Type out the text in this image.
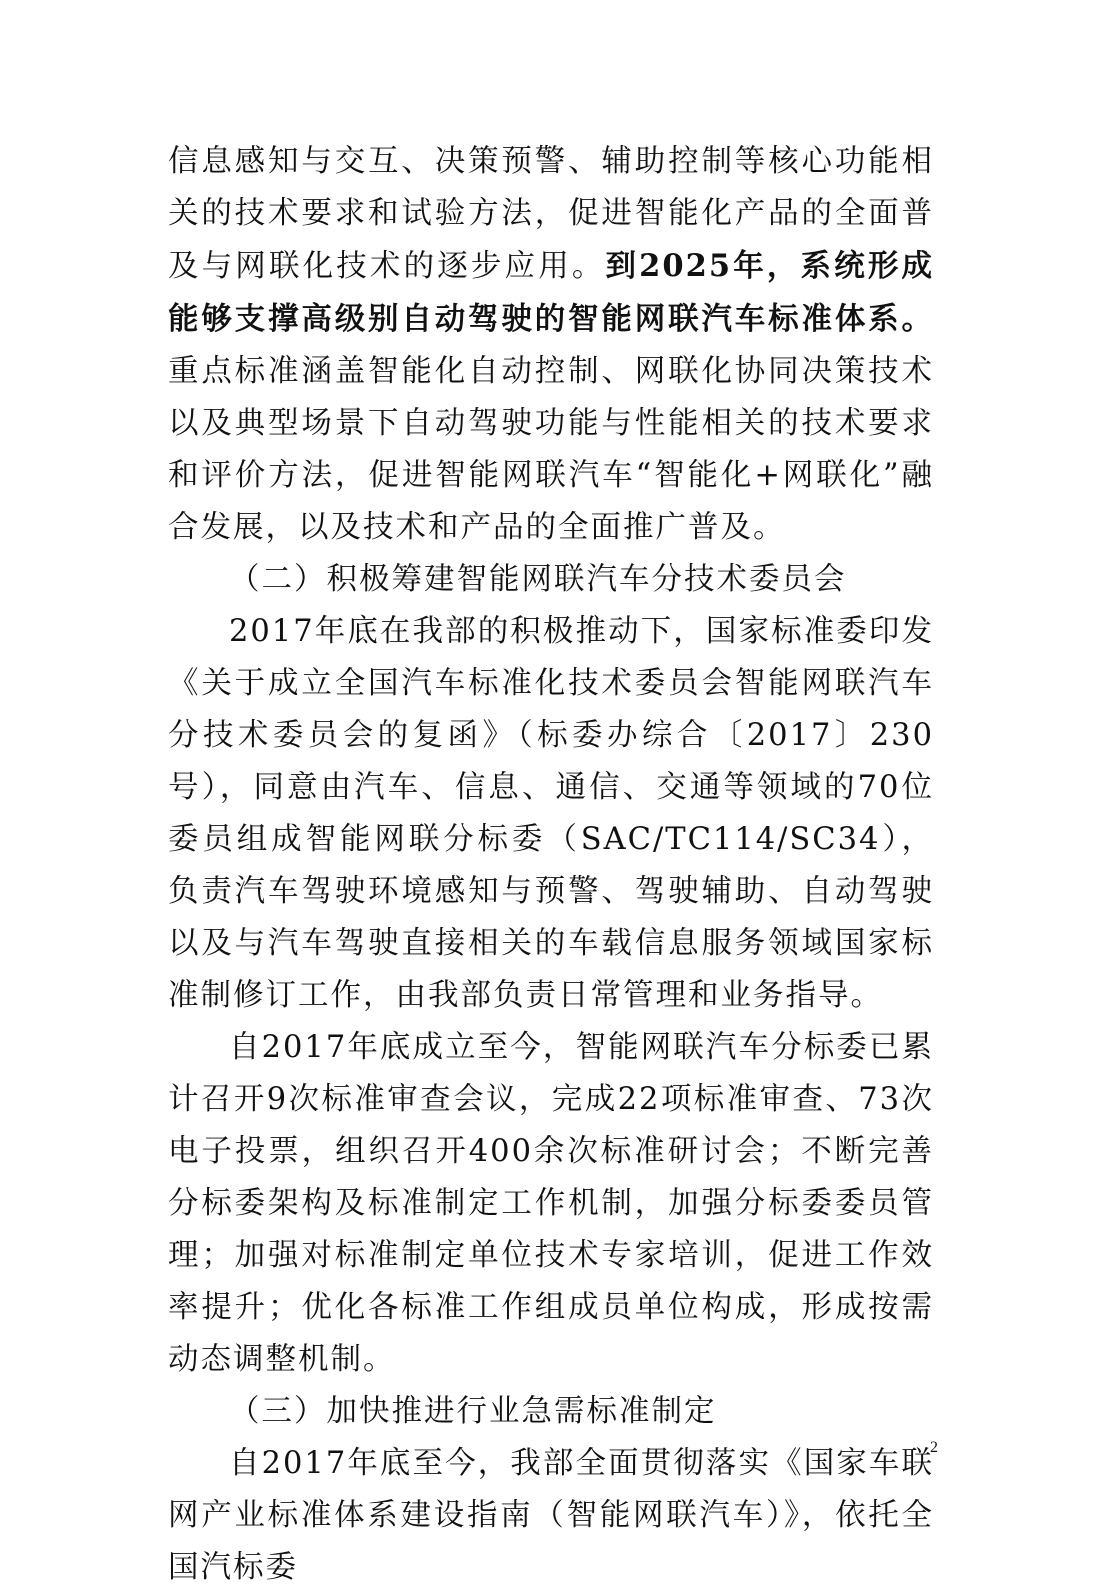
信息感知与交互、决策预警、辅助控制等核心功能相关的技术要求和试验方法，促进智能化产品的全面普及与网联化技术的逐步应用。到2025年，系统形成能够支撑高级别自动驾驶的智能网联汽车标准体系。重点标准涵盖智能化自动控制、网联化协同决策技术以及典型场景下自动驾驶功能与性能相关的技术要求和评价方法，促进智能网联汽车“智能化+网联化”融合发展，以及技术和产品的全面推广普及。

（二）积极筹建智能网联汽车分技术委员会

2017年底在我部的积极推动下，国家标准委印发《关于成立全国汽车标准化技术委员会智能网联汽车分技术委员会的复函》（标委办综合〔2017〕230号），同意由汽车、信息、通信、交通等领域的70位委员组成智能网联分标委（SAC/TC114/SC34），负责汽车驾驶环境感知与预警、驾驶辅助、自动驾驶以及与汽车驾驶直接相关的车载信息服务领域国家标准制修订工作，由我部负责日常管理和业务指导。

自2017年底成立至今，智能网联汽车分标委已累计召开9次标准审查会议，完成22项标准审查、73次电子投票，组织召开400余次标准研讨会；不断完善分标委架构及标准制定工作机制，加强分标委委员管理；加强对标准制定单位技术专家培训，促进工作效率提升；优化各标准工作组成员单位构成，形成按需动态调整机制。

（三）加快推进行业急需标准制定

自2017年底至今，我部全面贯彻落实《国家车联网产业标准体系建设指南（智能网联汽车）》，依托全国汽标委

2
